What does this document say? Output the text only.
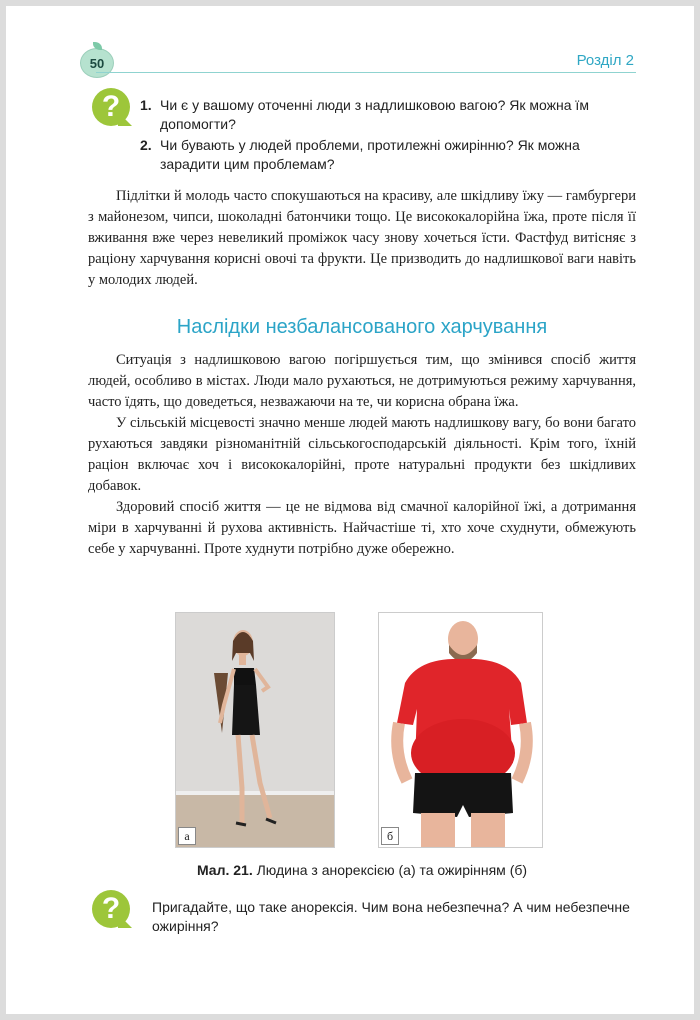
50	Розділ 2
?	1. Чи є у вашому оточенні люди з надлишковою вагою? Як можна їм допомогти?
2. Чи бувають у людей проблеми, протилежні ожирінню? Як можна зарадити цим проблемам?

Підлітки й молодь часто спокушаються на красиву, але шкідливу їжу — гамбургери з майонезом, чипси, шоколадні батончики тощо. Це висококалорійна їжа, проте після її вживання вже через невеликий проміжок часу знову хочеться їсти. Фастфуд витісняє з раціону харчування корисні овочі та фрукти. Це призводить до надлишкової ваги навіть у молодих людей.

Наслідки незбалансованого харчування

Ситуація з надлишковою вагою погіршується тим, що змінився спосіб життя людей, особливо в містах. Люди мало рухаються, не дотримуються режиму харчування, часто їдять, що доведеться, незважаючи на те, чи корисна обрана їжа.

У сільській місцевості значно менше людей мають надлишкову вагу, бо вони багато рухаються завдяки різноманітній сільськогосподарській діяльності. Крім того, їхній раціон включає хоч і висококалорійні, проте натуральні продукти без шкідливих добавок.

Здоровий спосіб життя — це не відмова від смачної калорійної їжі, а дотримання міри в харчуванні й рухова активність. Найчастіше ті, хто хоче схуднути, обмежують себе у харчуванні. Проте худнути потрібно дуже обережно.

а	б
Мал. 21. Людина з анорексією (а) та ожирінням (б)
?	Пригадайте, що таке анорексія. Чим вона небезпечна? А чим небезпечне ожиріння?
